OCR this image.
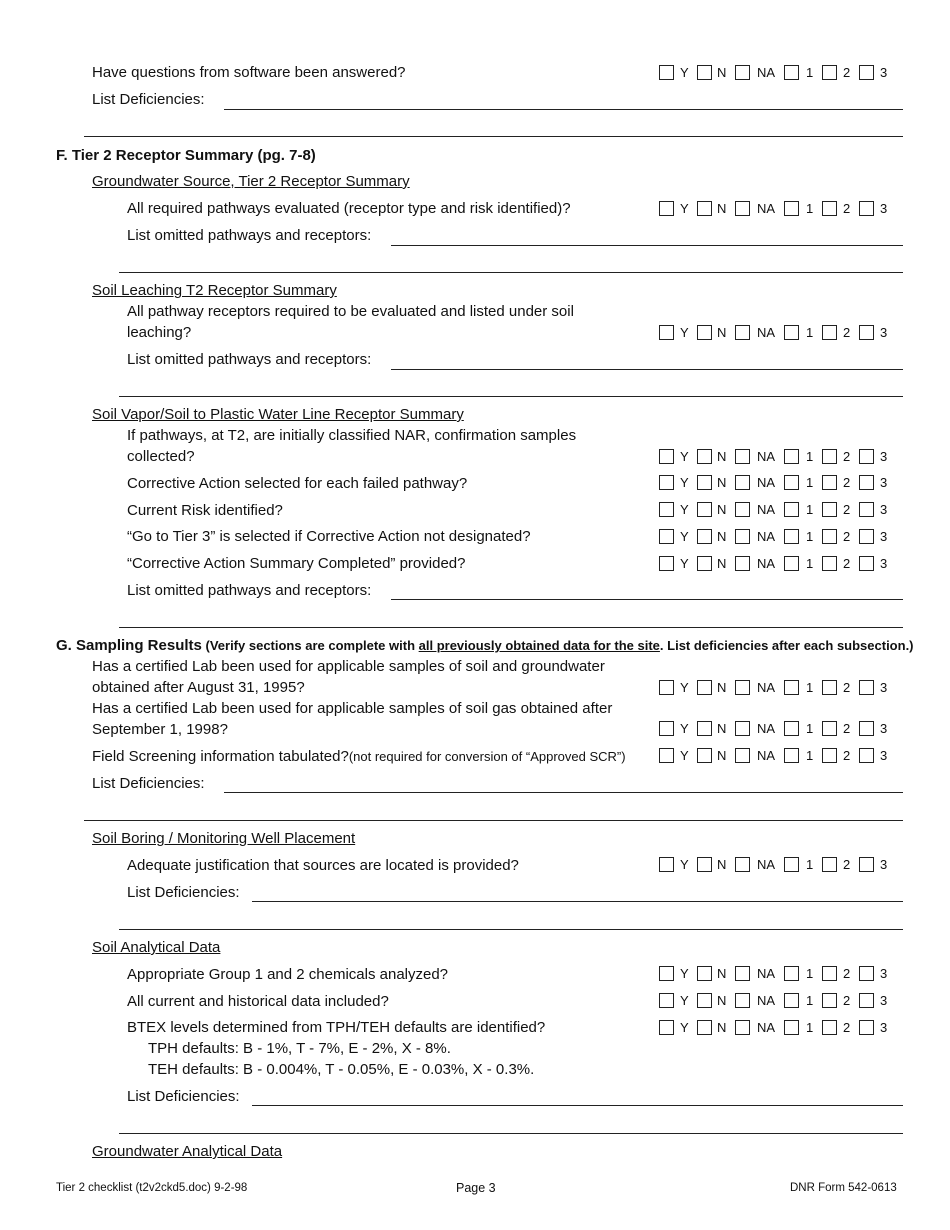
Have questions from software been answered?	Y N NA 1 2 3
List Deficiencies:
F. Tier 2 Receptor Summary (pg. 7-8)
Groundwater Source, Tier 2 Receptor Summary
All required pathways evaluated (receptor type and risk identified)?	Y N NA 1 2 3
List omitted pathways and receptors:
Soil Leaching T2 Receptor Summary
All pathway receptors required to be evaluated and listed under soil
leaching?	Y N NA 1 2 3
List omitted pathways and receptors:
Soil Vapor/Soil to Plastic Water Line Receptor Summary
If pathways, at T2, are initially classified NAR, confirmation samples
collected?	Y N NA 1 2 3
Corrective Action selected for each failed pathway?	Y N NA 1 2 3
Current Risk identified?	Y N NA 1 2 3
“Go to Tier 3” is selected if Corrective Action not designated?	Y N NA 1 2 3
“Corrective Action Summary Completed” provided?	Y N NA 1 2 3
List omitted pathways and receptors:
G. Sampling Results (Verify sections are complete with all previously obtained data for the site. List deficiencies after each subsection.)
Has a certified Lab been used for applicable samples of soil and groundwater
obtained after August 31, 1995?	Y N NA 1 2 3
Has a certified Lab been used for applicable samples of soil gas obtained after
September 1, 1998?	Y N NA 1 2 3
Field Screening information tabulated?(not required for conversion of “Approved SCR”)	Y N NA 1 2 3
List Deficiencies:
Soil Boring / Monitoring Well Placement
Adequate justification that sources are located is provided?	Y N NA 1 2 3
List Deficiencies:
Soil Analytical Data
Appropriate Group 1 and 2 chemicals analyzed?	Y N NA 1 2 3
All current and historical data included?	Y N NA 1 2 3
BTEX levels determined from TPH/TEH defaults are identified?	Y N NA 1 2 3
TPH defaults: B - 1%, T - 7%, E - 2%, X - 8%.
TEH defaults: B - 0.004%, T - 0.05%, E - 0.03%, X - 0.3%.
List Deficiencies:
Groundwater Analytical Data
Tier 2 checklist (t2v2ckd5.doc) 9-2-98	Page 3	DNR Form 542-0613
